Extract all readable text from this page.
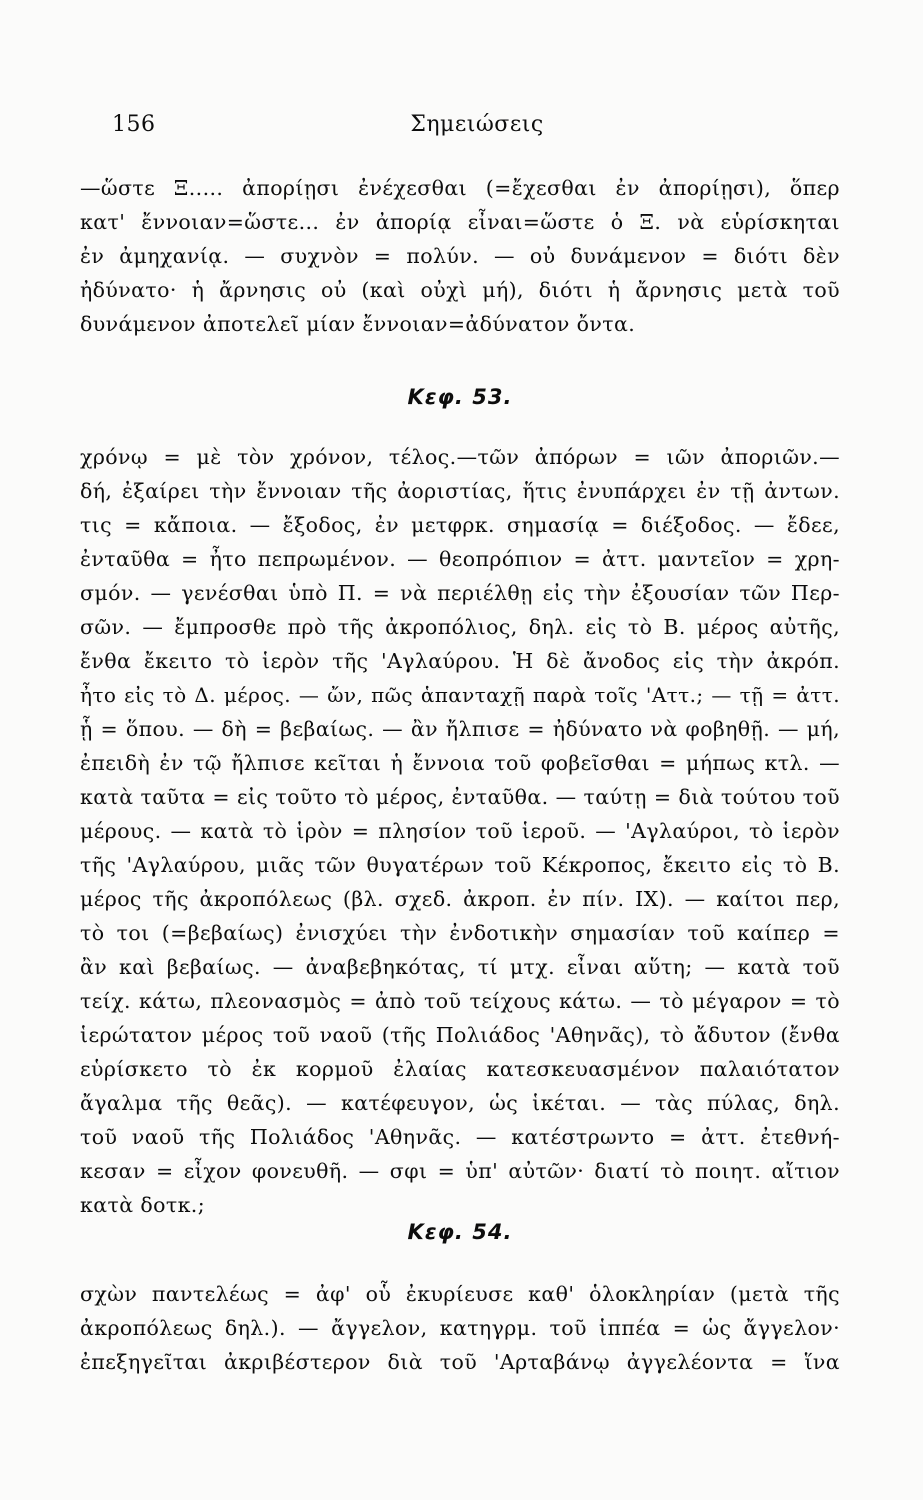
156	Σημειώσεις
—ὥστε Ξ..... ἀπορίῃσι ἐνέχεσθαι (=ἔχεσθαι ἐν ἀπορίῃσι), ὅπερ
κατ' ἔννοιαν=ὥστε... ἐν ἀπορίᾳ εἶναι=ὥστε ὁ Ξ. νὰ εὑρίσκηται
ἐν ἀμηχανίᾳ. — συχνὸν = πολύν. — οὐ δυνάμενον = διότι δὲν
ἠδύνατο· ἡ ἄρνησις οὐ (καὶ οὐχὶ μή), διότι ἡ ἄρνησις μετὰ τοῦ
δυνάμενον ἀποτελεῖ μίαν ἔννοιαν=ἀδύνατον ὄντα.
Κεφ. 53.
χρόνῳ = μὲ τὸν χρόνον, τέλος.—τῶν ἀπόρων = ιῶν ἀποριῶν.—
δή, ἐξαίρει τὴν ἔννοιαν τῆς ἀοριστίας, ἥτις ἐνυπάρχει ἐν τῇ ἀντων.
τις = κἄποια. — ἔξοδος, ἐν μετφρκ. σημασίᾳ = διέξοδος. — ἔδεε,
ἐνταῦθα = ἦτο πεπρωμένον. — θεοπρόπιον = ἀττ. μαντεῖον = χρη-
σμόν. — γενέσθαι ὑπὸ Π. = νὰ περιέλθῃ εἰς τὴν ἐξουσίαν τῶν Περ-
σῶν. — ἔμπροσθε πρὸ τῆς ἀκροπόλιος, δηλ. εἰς τὸ Β. μέρος αὐτῆς,
ἔνθα ἔκειτο τὸ ἱερὸν τῆς 'Αγλαύρου. Ἡ δὲ ἄνοδος εἰς τὴν ἀκρόπ.
ἦτο εἰς τὸ Δ. μέρος. — ὤν, πῶς ἁπανταχῇ παρὰ τοῖς 'Αττ.; — τῇ = ἀττ.
ᾗ = ὅπου. — δὴ = βεβαίως. — ἂν ἤλπισε = ἠδύνατο νὰ φοβηθῇ. — μή,
ἐπειδὴ ἐν τῷ ἤλπισε κεῖται ἡ ἔννοια τοῦ φοβεῖσθαι = μήπως κτλ. —
κατὰ ταῦτα = εἰς τοῦτο τὸ μέρος, ἐνταῦθα. — ταύτῃ = διὰ τούτου τοῦ
μέρους. — κατὰ τὸ ἱρὸν = πλησίον τοῦ ἱεροῦ. — 'Αγλαύροι, τὸ ἱερὸν
τῆς 'Αγλαύρου, μιᾶς τῶν θυγατέρων τοῦ Κέκροπος, ἔκειτο εἰς τὸ Β.
μέρος τῆς ἀκροπόλεως (βλ. σχεδ. ἀκροπ. ἐν πίν. IX). — καίτοι περ,
τὸ τοι (=βεβαίως) ἐνισχύει τὴν ἐνδοτικὴν σημασίαν τοῦ καίπερ =
ἂν καὶ βεβαίως. — ἀναβεβηκότας, τί μτχ. εἶναι αὕτη; — κατὰ τοῦ
τείχ. κάτω, πλεονασμὸς = ἀπὸ τοῦ τείχους κάτω. — τὸ μέγαρον = τὸ
ἱερώτατον μέρος τοῦ ναοῦ (τῆς Πολιάδος 'Αθηνᾶς), τὸ ἄδυτον (ἔνθα
εὑρίσκετο τὸ ἐκ κορμοῦ ἐλαίας κατεσκευασμένον παλαιότατον
ἄγαλμα τῆς θεᾶς). — κατέφευγον, ὡς ἱκέται. — τὰς πύλας, δηλ.
τοῦ ναοῦ τῆς Πολιάδος 'Αθηνᾶς. — κατέστρωντο = ἀττ. ἐτεθνή-
κεσαν = εἶχον φονευθῆ. — σφι = ὑπ' αὐτῶν· διατί τὸ ποιητ. αἴτιον
κατὰ δοτκ.;
Κεφ. 54.
σχὼν παντελέως = ἀφ' οὗ ἐκυρίευσε καθ' ὁλοκληρίαν (μετὰ τῆς
ἀκροπόλεως δηλ.). — ἄγγελον, κατηγρμ. τοῦ ἱππέα = ὡς ἄγγελον·
ἐπεξηγεῖται ἀκριβέστερον διὰ τοῦ 'Αρταβάνῳ ἀγγελέοντα = ἵνα
